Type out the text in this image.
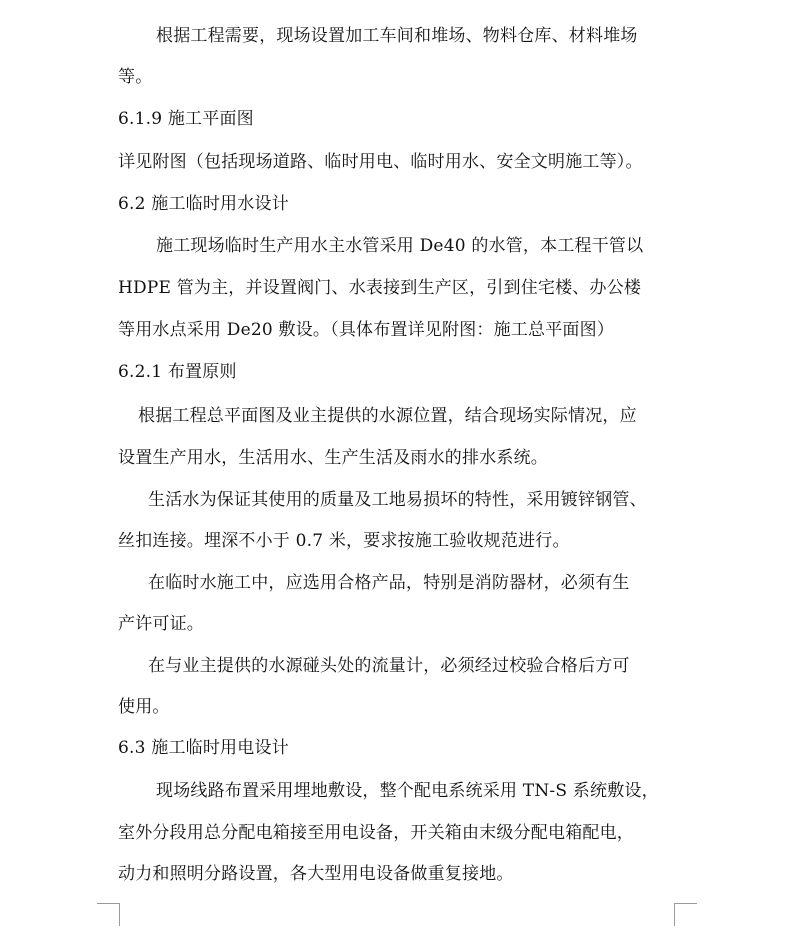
根据工程需要，现场设置加工车间和堆场、物料仓库、材料堆场
等。
6.1.9 施工平面图
详见附图（包括现场道路、临时用电、临时用水、安全文明施工等）。
6.2 施工临时用水设计
施工现场临时生产用水主水管采用 De40 的水管，本工程干管以
HDPE 管为主，并设置阀门、水表接到生产区，引到住宅楼、办公楼
等用水点采用 De20 敷设。（具体布置详见附图：施工总平面图）
6.2.1 布置原则
根据工程总平面图及业主提供的水源位置，结合现场实际情况，应
设置生产用水，生活用水、生产生活及雨水的排水系统。
生活水为保证其使用的质量及工地易损坏的特性，采用镀锌钢管、
丝扣连接。埋深不小于 0.7 米，要求按施工验收规范进行。
在临时水施工中，应选用合格产品，特别是消防器材，必须有生
产许可证。
在与业主提供的水源碰头处的流量计，必须经过校验合格后方可
使用。
6.3 施工临时用电设计
现场线路布置采用埋地敷设，整个配电系统采用 TN-S 系统敷设，
室外分段用总分配电箱接至用电设备，开关箱由末级分配电箱配电，
动力和照明分路设置，各大型用电设备做重复接地。
